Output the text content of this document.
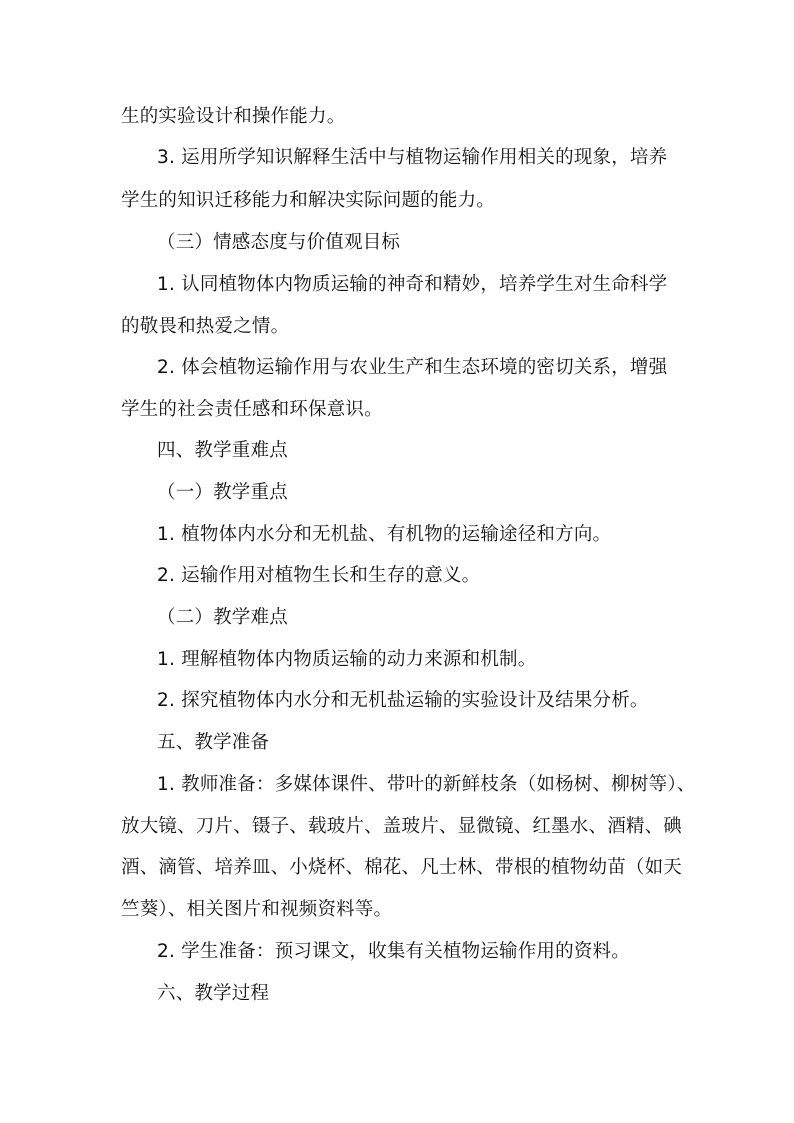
生的实验设计和操作能力。
3. 运用所学知识解释生活中与植物运输作用相关的现象，培养
学生的知识迁移能力和解决实际问题的能力。
（三）情感态度与价值观目标
1. 认同植物体内物质运输的神奇和精妙，培养学生对生命科学
的敬畏和热爱之情。
2. 体会植物运输作用与农业生产和生态环境的密切关系，增强
学生的社会责任感和环保意识。
四、教学重难点
（一）教学重点
1. 植物体内水分和无机盐、有机物的运输途径和方向。
2. 运输作用对植物生长和生存的意义。
（二）教学难点
1. 理解植物体内物质运输的动力来源和机制。
2. 探究植物体内水分和无机盐运输的实验设计及结果分析。
五、教学准备
1. 教师准备：多媒体课件、带叶的新鲜枝条（如杨树、柳树等）、
放大镜、刀片、镊子、载玻片、盖玻片、显微镜、红墨水、酒精、碘
酒、滴管、培养皿、小烧杯、棉花、凡士林、带根的植物幼苗（如天
竺葵）、相关图片和视频资料等。
2. 学生准备：预习课文，收集有关植物运输作用的资料。
六、教学过程
